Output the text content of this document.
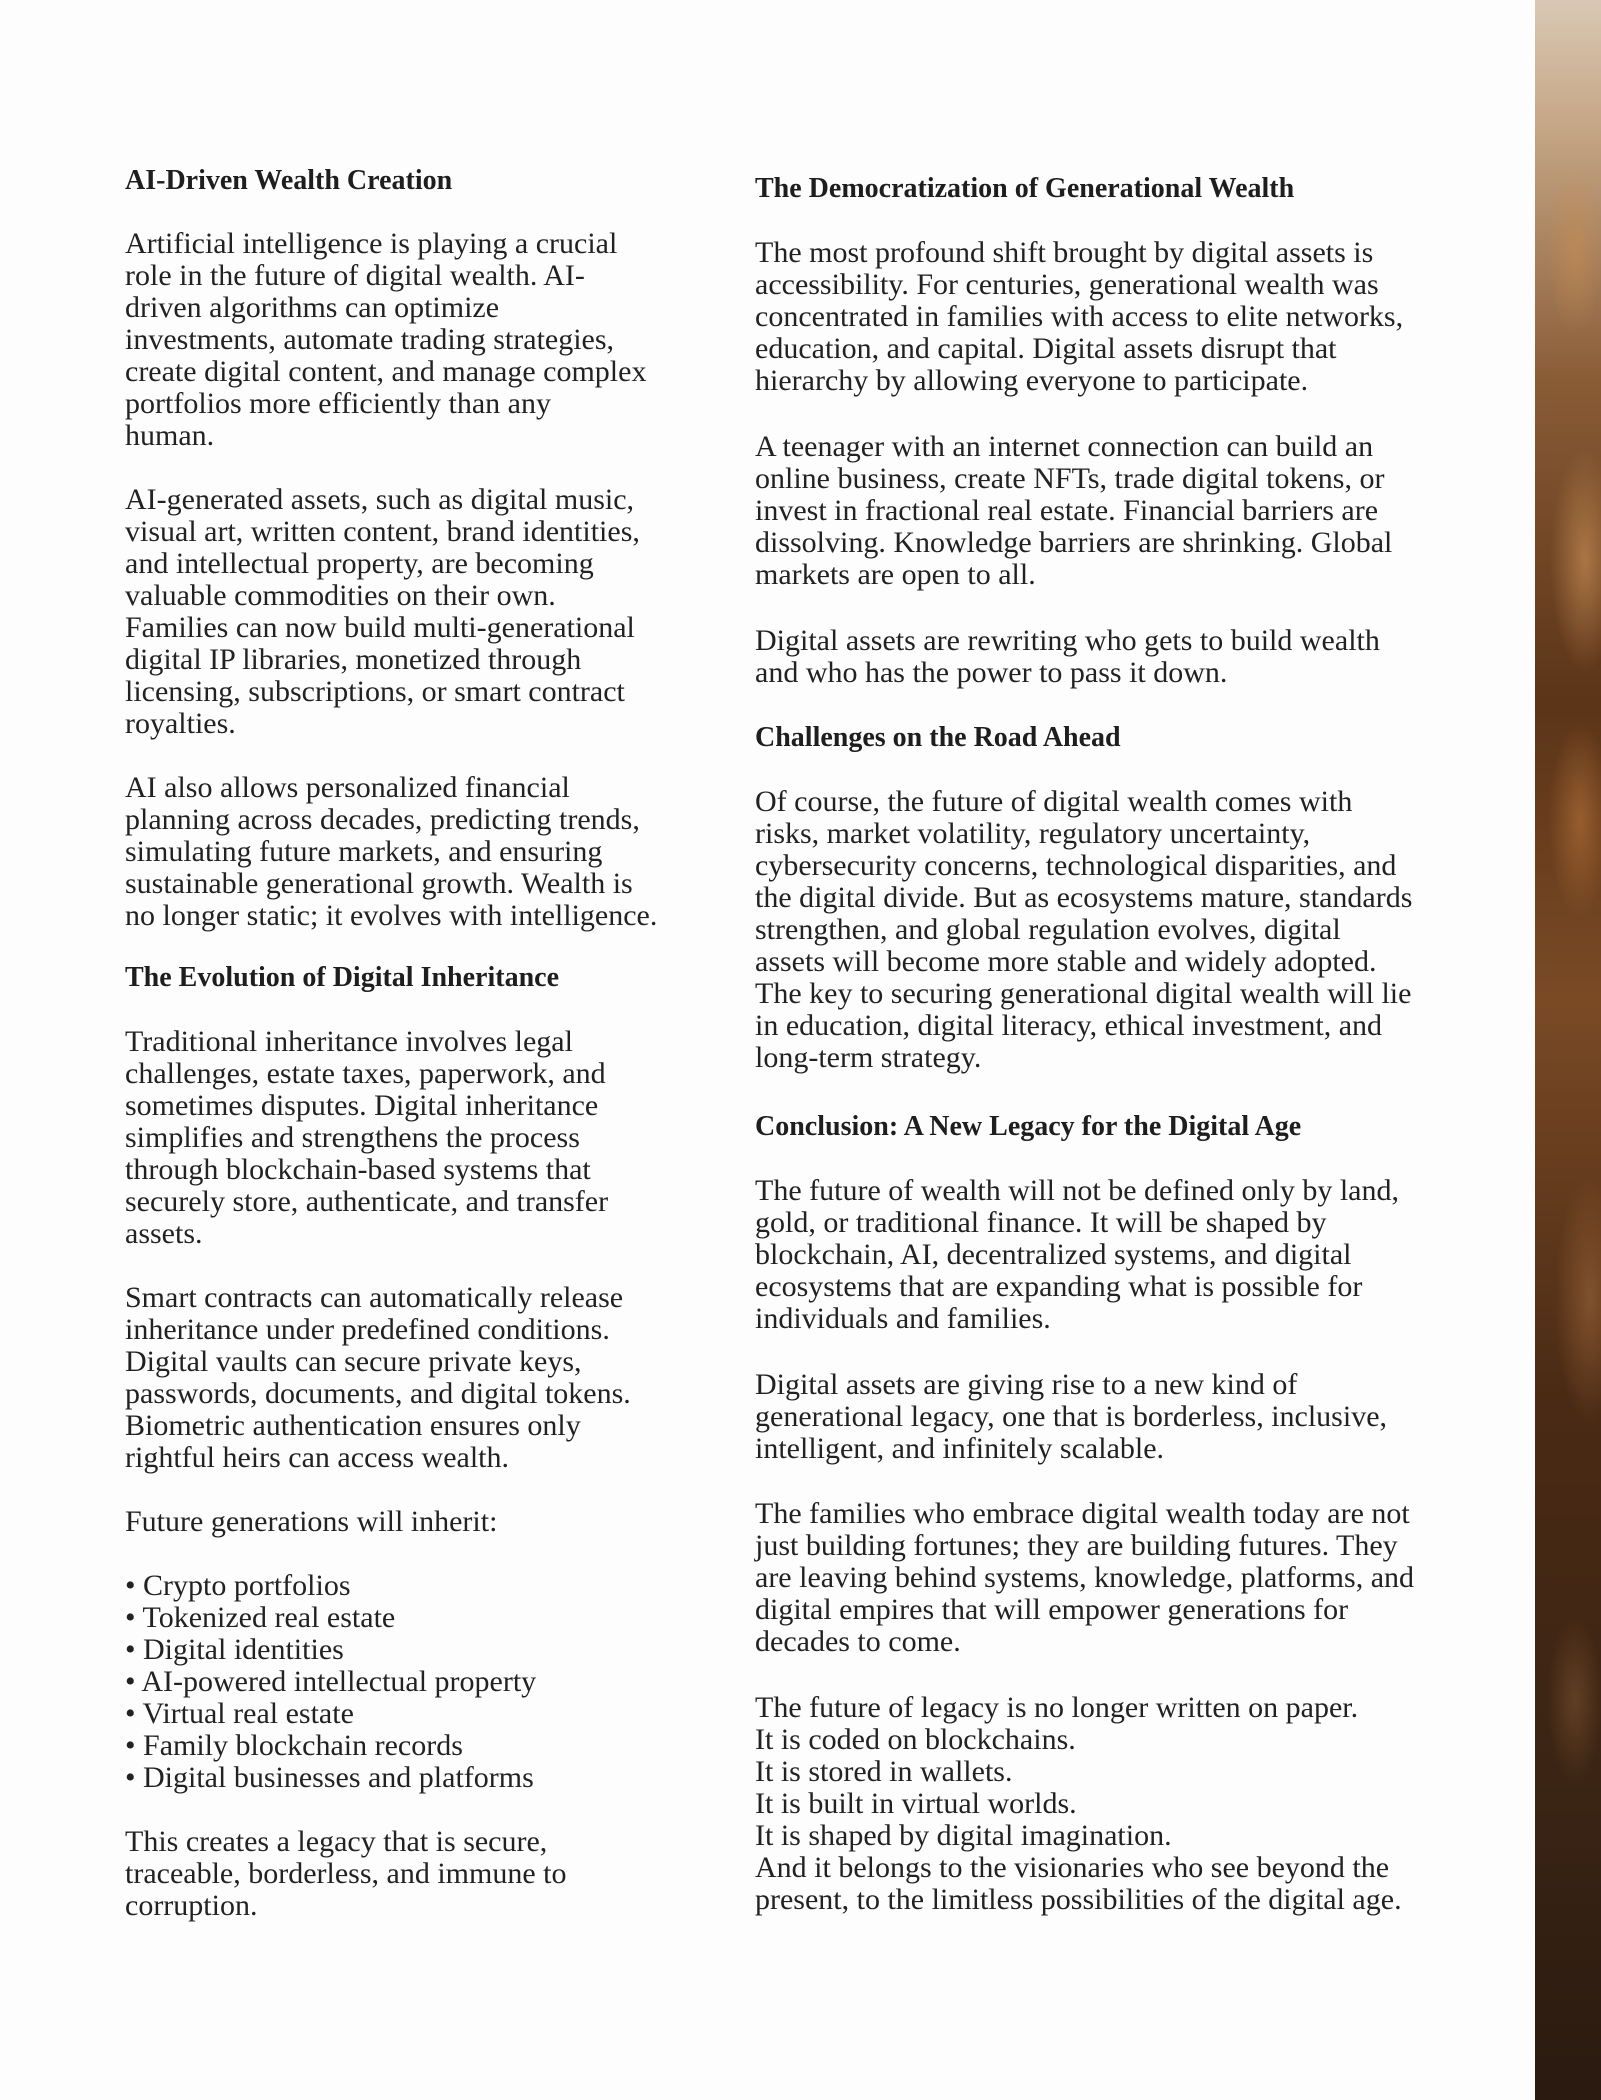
AI-Driven Wealth Creation

Artificial intelligence is playing a crucial
role in the future of digital wealth. AI-
driven algorithms can optimize
investments, automate trading strategies,
create digital content, and manage complex
portfolios more efficiently than any
human.

AI-generated assets, such as digital music,
visual art, written content, brand identities,
and intellectual property, are becoming
valuable commodities on their own.
Families can now build multi-generational
digital IP libraries, monetized through
licensing, subscriptions, or smart contract
royalties.

AI also allows personalized financial
planning across decades, predicting trends,
simulating future markets, and ensuring
sustainable generational growth. Wealth is
no longer static; it evolves with intelligence.

The Evolution of Digital Inheritance

Traditional inheritance involves legal
challenges, estate taxes, paperwork, and
sometimes disputes. Digital inheritance
simplifies and strengthens the process
through blockchain-based systems that
securely store, authenticate, and transfer
assets.

Smart contracts can automatically release
inheritance under predefined conditions.
Digital vaults can secure private keys,
passwords, documents, and digital tokens.
Biometric authentication ensures only
rightful heirs can access wealth.

Future generations will inherit:

• Crypto portfolios
• Tokenized real estate
• Digital identities
• AI-powered intellectual property
• Virtual real estate
• Family blockchain records
• Digital businesses and platforms

This creates a legacy that is secure,
traceable, borderless, and immune to
corruption.

The Democratization of Generational Wealth

The most profound shift brought by digital assets is
accessibility. For centuries, generational wealth was
concentrated in families with access to elite networks,
education, and capital. Digital assets disrupt that
hierarchy by allowing everyone to participate.

A teenager with an internet connection can build an
online business, create NFTs, trade digital tokens, or
invest in fractional real estate. Financial barriers are
dissolving. Knowledge barriers are shrinking. Global
markets are open to all.

Digital assets are rewriting who gets to build wealth
and who has the power to pass it down.

Challenges on the Road Ahead

Of course, the future of digital wealth comes with
risks, market volatility, regulatory uncertainty,
cybersecurity concerns, technological disparities, and
the digital divide. But as ecosystems mature, standards
strengthen, and global regulation evolves, digital
assets will become more stable and widely adopted.
The key to securing generational digital wealth will lie
in education, digital literacy, ethical investment, and
long-term strategy.

Conclusion: A New Legacy for the Digital Age

The future of wealth will not be defined only by land,
gold, or traditional finance. It will be shaped by
blockchain, AI, decentralized systems, and digital
ecosystems that are expanding what is possible for
individuals and families.

Digital assets are giving rise to a new kind of
generational legacy, one that is borderless, inclusive,
intelligent, and infinitely scalable.

The families who embrace digital wealth today are not
just building fortunes; they are building futures. They
are leaving behind systems, knowledge, platforms, and
digital empires that will empower generations for
decades to come.

The future of legacy is no longer written on paper.
It is coded on blockchains.
It is stored in wallets.
It is built in virtual worlds.
It is shaped by digital imagination.
And it belongs to the visionaries who see beyond the
present, to the limitless possibilities of the digital age.
